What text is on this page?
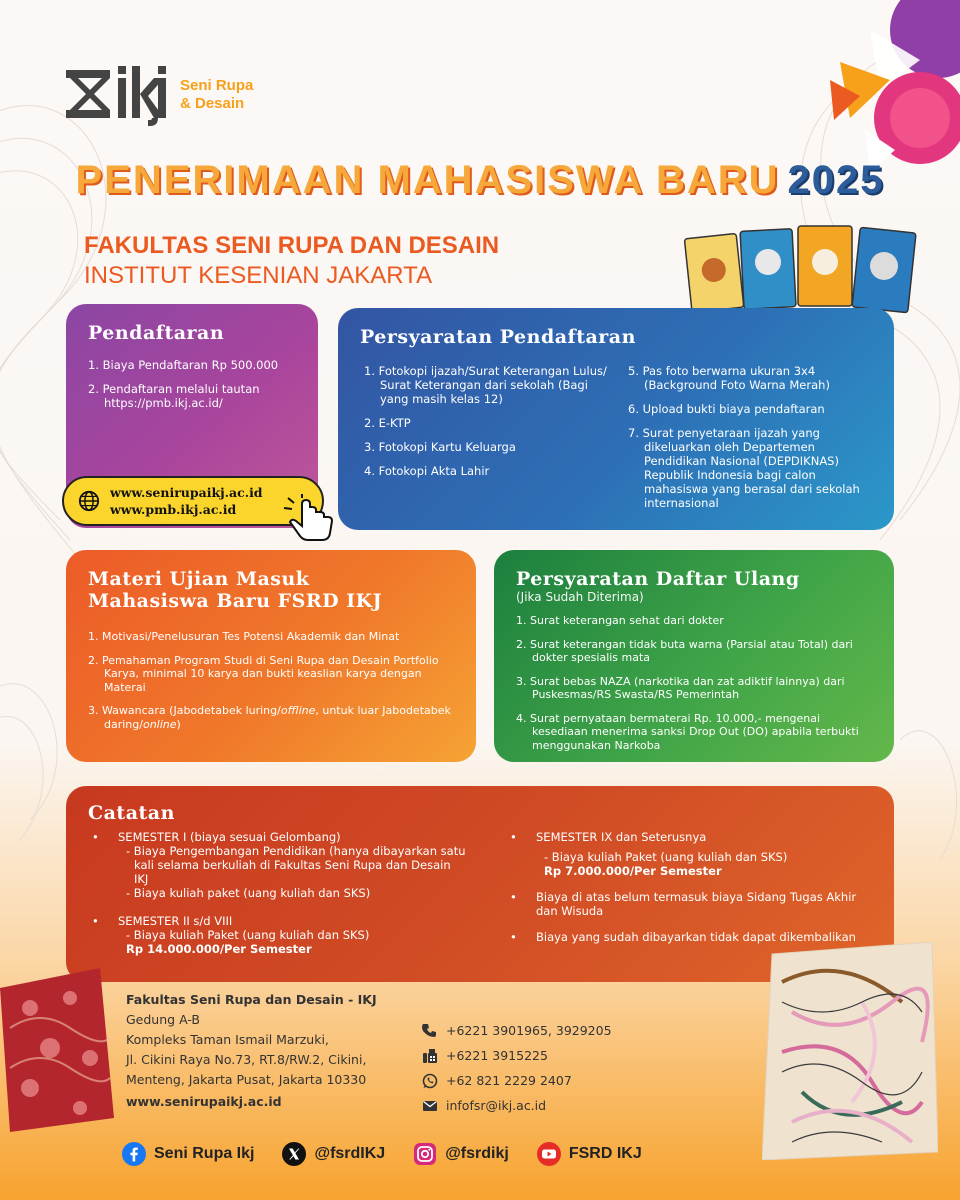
Seni Rupa
& Desain
PENERIMAAN MAHASISWA BARU 2025
FAKULTAS SENI RUPA DAN DESAIN
INSTITUT KESENIAN JAKARTA
Pendaftaran
1. Biaya Pendaftaran Rp 500.000
2. Pendaftaran melalui tautan https://pmb.ikj.ac.id/
www.senirupaikj.ac.id
www.pmb.ikj.ac.id
Persyaratan Pendaftaran
1. Fotokopi ijazah/Surat Keterangan Lulus/ Surat Keterangan dari sekolah (Bagi yang masih kelas 12)
2. E-KTP
3. Fotokopi Kartu Keluarga
4. Fotokopi Akta Lahir
5. Pas foto berwarna ukuran 3x4 (Background Foto Warna Merah)
6. Upload bukti biaya pendaftaran
7. Surat penyetaraan ijazah yang dikeluarkan oleh Departemen Pendidikan Nasional (DEPDIKNAS) Republik Indonesia bagi calon mahasiswa yang berasal dari sekolah internasional
Materi Ujian Masuk
Mahasiswa Baru FSRD IKJ
1. Motivasi/Penelusuran Tes Potensi Akademik dan Minat
2. Pemahaman Program Studi di Seni Rupa dan Desain Portfolio Karya, minimal 10 karya dan bukti keaslian karya dengan Materai
3. Wawancara (Jabodetabek luring/offline, untuk luar Jabodetabek daring/online)
Persyaratan Daftar Ulang
(Jika Sudah Diterima)
1. Surat keterangan sehat dari dokter
2. Surat keterangan tidak buta warna (Parsial atau Total) dari dokter spesialis mata
3. Surat bebas NAZA (narkotika dan zat adiktif lainnya) dari Puskesmas/RS Swasta/RS Pemerintah
4. Surat pernyataan bermaterai Rp. 10.000,- mengenai kesediaan menerima sanksi Drop Out (DO) apabila terbukti menggunakan Narkoba
Catatan
• SEMESTER I (biaya sesuai Gelombang)
- Biaya Pengembangan Pendidikan (hanya dibayarkan satu kali selama berkuliah di Fakultas Seni Rupa dan Desain IKJ
- Biaya kuliah paket (uang kuliah dan SKS)
• SEMESTER II s/d VIII
- Biaya kuliah Paket (uang kuliah dan SKS)
Rp 14.000.000/Per Semester
• SEMESTER IX dan Seterusnya
- Biaya kuliah Paket (uang kuliah dan SKS)
Rp 7.000.000/Per Semester
• Biaya di atas belum termasuk biaya Sidang Tugas Akhir dan Wisuda
• Biaya yang sudah dibayarkan tidak dapat dikembalikan
Fakultas Seni Rupa dan Desain - IKJ
Gedung A-B
Kompleks Taman Ismail Marzuki,
Jl. Cikini Raya No.73, RT.8/RW.2, Cikini,
Menteng, Jakarta Pusat, Jakarta 10330
www.senirupaikj.ac.id
+6221 3901965, 3929205
+6221 3915225
+62 821 2229 2407
infofsr@ikj.ac.id
Seni Rupa Ikj	@fsrdIKJ	@fsrdikj	FSRD IKJ
